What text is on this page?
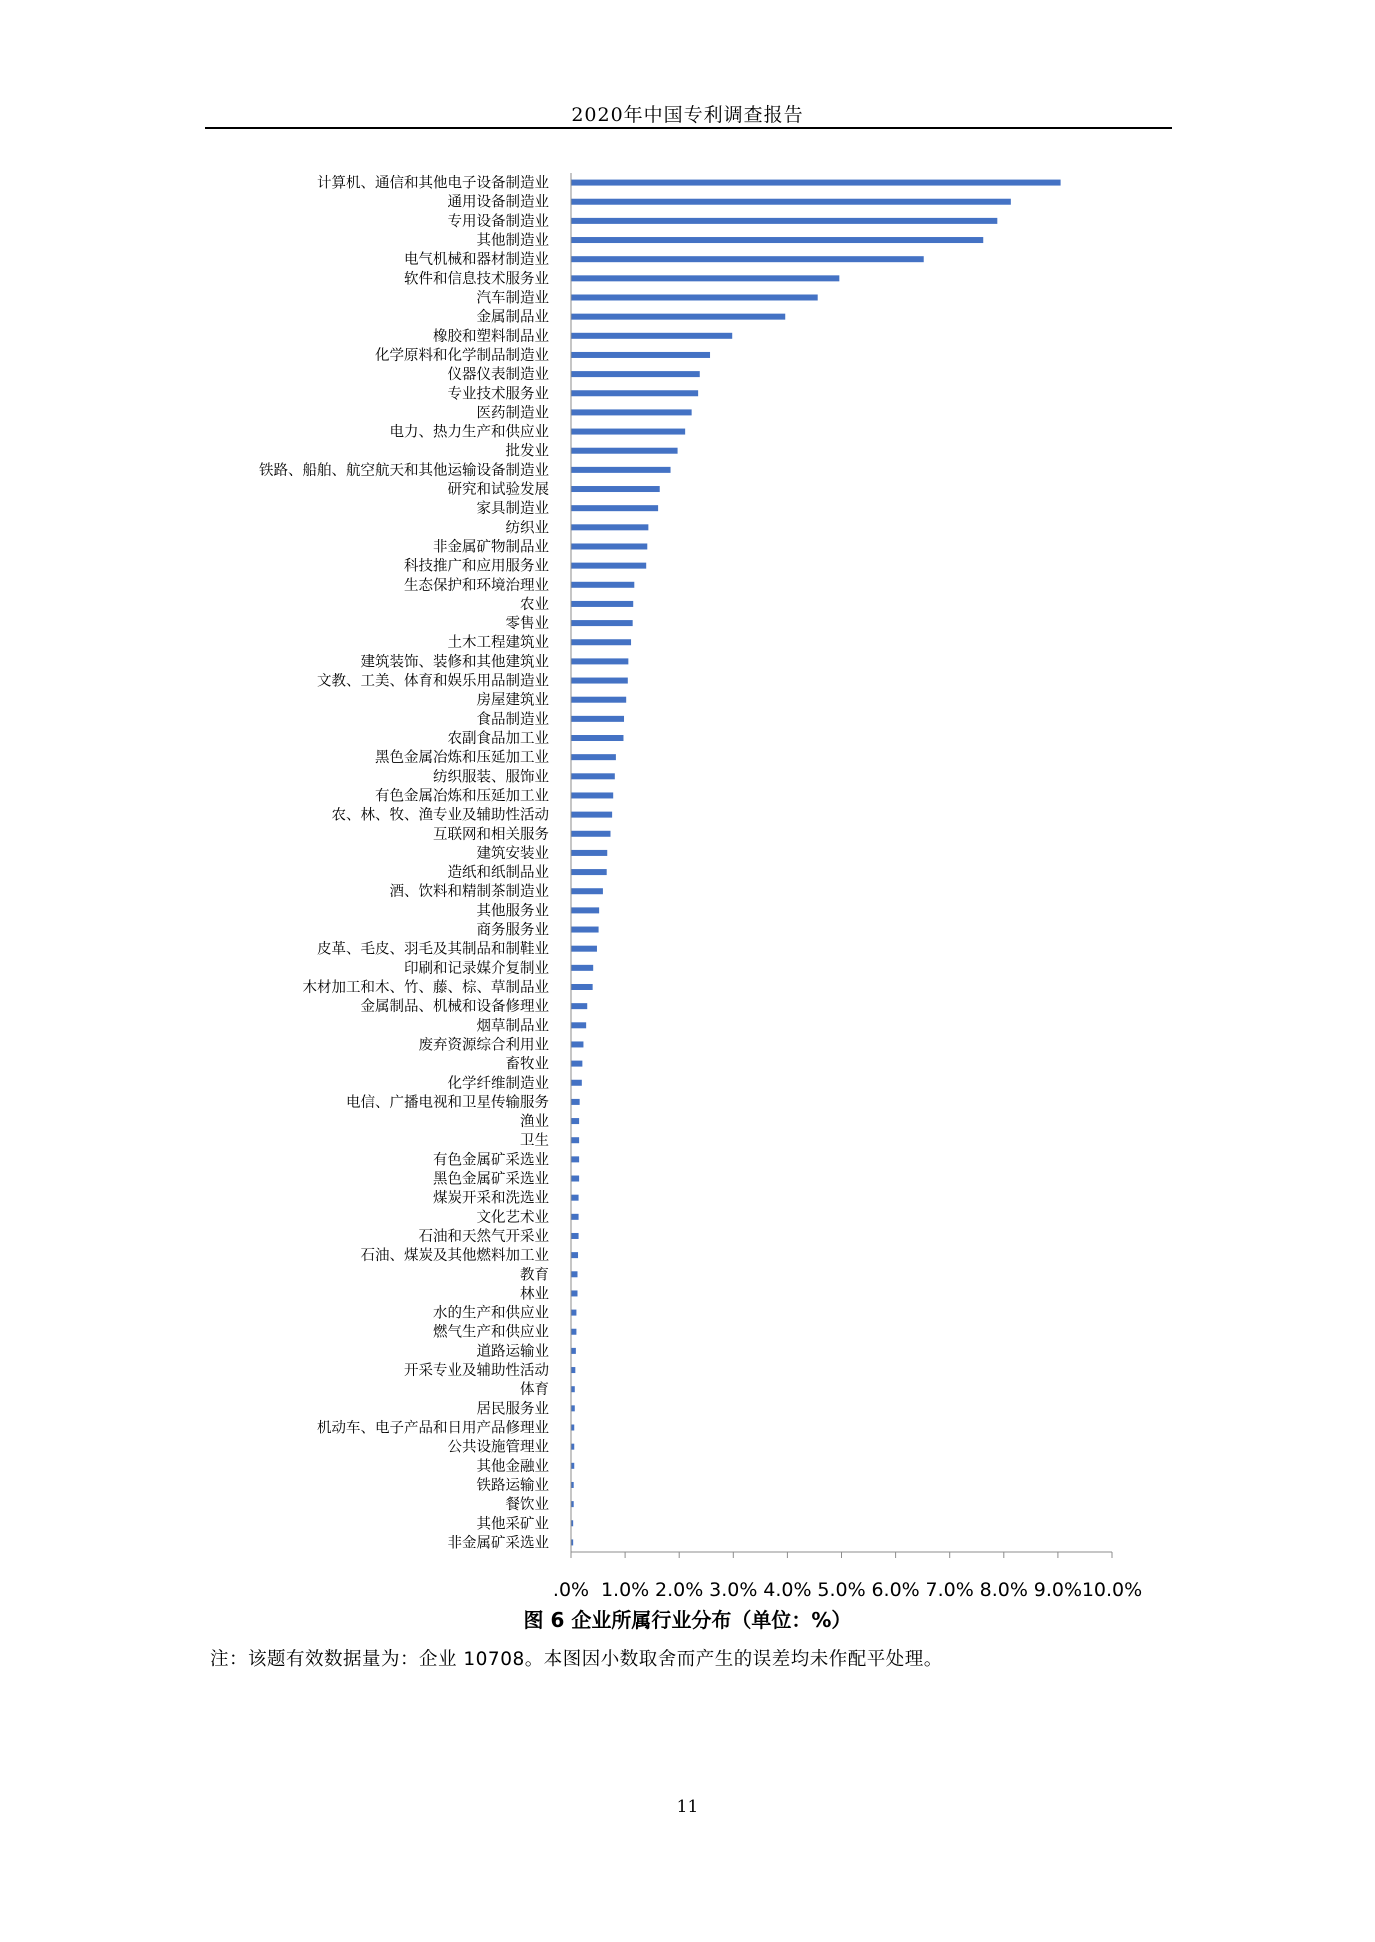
2020年中国专利调查报告
计算机、通信和其他电子设备制造业
通用设备制造业
专用设备制造业
其他制造业
电气机械和器材制造业
软件和信息技术服务业
汽车制造业
金属制品业
橡胶和塑料制品业
化学原料和化学制品制造业
仪器仪表制造业
专业技术服务业
医药制造业
电力、热力生产和供应业
批发业
铁路、船舶、航空航天和其他运输设备制造业
研究和试验发展
家具制造业
纺织业
非金属矿物制品业
科技推广和应用服务业
生态保护和环境治理业
农业
零售业
土木工程建筑业
建筑装饰、装修和其他建筑业
文教、工美、体育和娱乐用品制造业
房屋建筑业
食品制造业
农副食品加工业
黑色金属冶炼和压延加工业
纺织服装、服饰业
有色金属冶炼和压延加工业
农、林、牧、渔专业及辅助性活动
互联网和相关服务
建筑安装业
造纸和纸制品业
酒、饮料和精制茶制造业
其他服务业
商务服务业
皮革、毛皮、羽毛及其制品和制鞋业
印刷和记录媒介复制业
木材加工和木、竹、藤、棕、草制品业
金属制品、机械和设备修理业
烟草制品业
废弃资源综合利用业
畜牧业
化学纤维制造业
电信、广播电视和卫星传输服务
渔业
卫生
有色金属矿采选业
黑色金属矿采选业
煤炭开采和洗选业
文化艺术业
石油和天然气开采业
石油、煤炭及其他燃料加工业
教育
林业
水的生产和供应业
燃气生产和供应业
道路运输业
开采专业及辅助性活动
体育
居民服务业
机动车、电子产品和日用产品修理业
公共设施管理业
其他金融业
铁路运输业
餐饮业
其他采矿业
非金属矿采选业
.0% 1.0% 2.0% 3.0% 4.0% 5.0% 6.0% 7.0% 8.0% 9.0% 10.0%
图 6 企业所属行业分布（单位：%）
注：该题有效数据量为：企业 10708。本图因小数取舍而产生的误差均未作配平处理。
11
